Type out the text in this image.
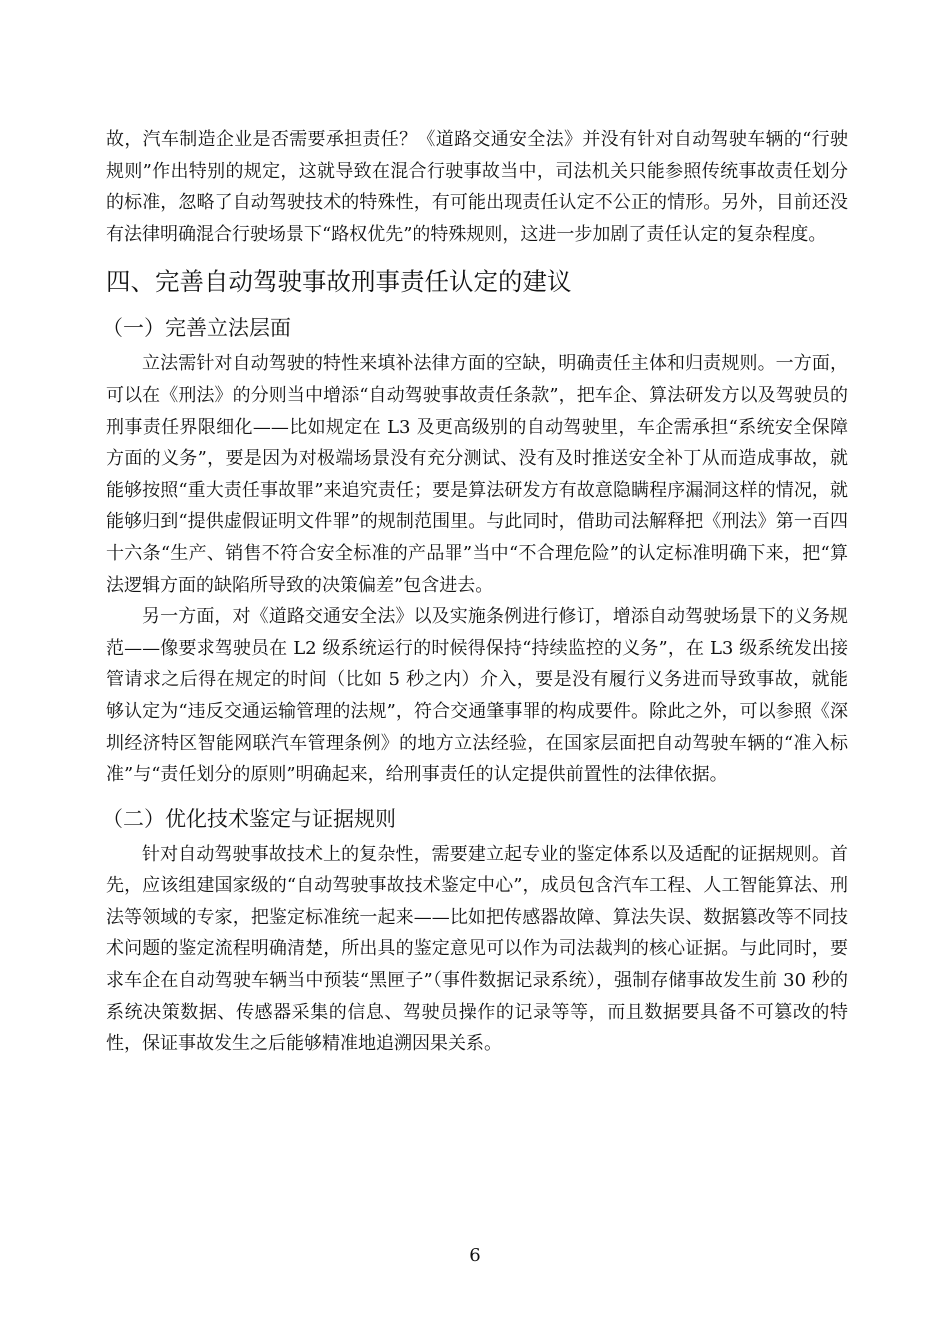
故，汽车制造企业是否需要承担责任？《道路交通安全法》并没有针对自动驾驶车辆的“行驶规则”作出特别的规定，这就导致在混合行驶事故当中，司法机关只能参照传统事故责任划分的标准，忽略了自动驾驶技术的特殊性，有可能出现责任认定不公正的情形。另外，目前还没有法律明确混合行驶场景下“路权优先”的特殊规则，这进一步加剧了责任认定的复杂程度。

四、完善自动驾驶事故刑事责任认定的建议
（一）完善立法层面

立法需针对自动驾驶的特性来填补法律方面的空缺，明确责任主体和归责规则。一方面，可以在《刑法》的分则当中增添“自动驾驶事故责任条款”，把车企、算法研发方以及驾驶员的刑事责任界限细化——比如规定在 L3 及更高级别的自动驾驶里，车企需承担“系统安全保障方面的义务”，要是因为对极端场景没有充分测试、没有及时推送安全补丁从而造成事故，就能够按照“重大责任事故罪”来追究责任；要是算法研发方有故意隐瞒程序漏洞这样的情况，就能够归到“提供虚假证明文件罪”的规制范围里。与此同时，借助司法解释把《刑法》第一百四十六条“生产、销售不符合安全标准的产品罪”当中“不合理危险”的认定标准明确下来，把“算法逻辑方面的缺陷所导致的决策偏差”包含进去。

另一方面，对《道路交通安全法》以及实施条例进行修订，增添自动驾驶场景下的义务规范——像要求驾驶员在 L2 级系统运行的时候得保持“持续监控的义务”，在 L3 级系统发出接管请求之后得在规定的时间（比如 5 秒之内）介入，要是没有履行义务进而导致事故，就能够认定为“违反交通运输管理的法规”，符合交通肇事罪的构成要件。除此之外，可以参照《深圳经济特区智能网联汽车管理条例》的地方立法经验，在国家层面把自动驾驶车辆的“准入标准”与“责任划分的原则”明确起来，给刑事责任的认定提供前置性的法律依据。

（二）优化技术鉴定与证据规则

针对自动驾驶事故技术上的复杂性，需要建立起专业的鉴定体系以及适配的证据规则。首先，应该组建国家级的“自动驾驶事故技术鉴定中心”，成员包含汽车工程、人工智能算法、刑法等领域的专家，把鉴定标准统一起来——比如把传感器故障、算法失误、数据篡改等不同技术问题的鉴定流程明确清楚，所出具的鉴定意见可以作为司法裁判的核心证据。与此同时，要求车企在自动驾驶车辆当中预装“黑匣子”（事件数据记录系统），强制存储事故发生前 30 秒的系统决策数据、传感器采集的信息、驾驶员操作的记录等等，而且数据要具备不可篡改的特性，保证事故发生之后能够精准地追溯因果关系。

6
